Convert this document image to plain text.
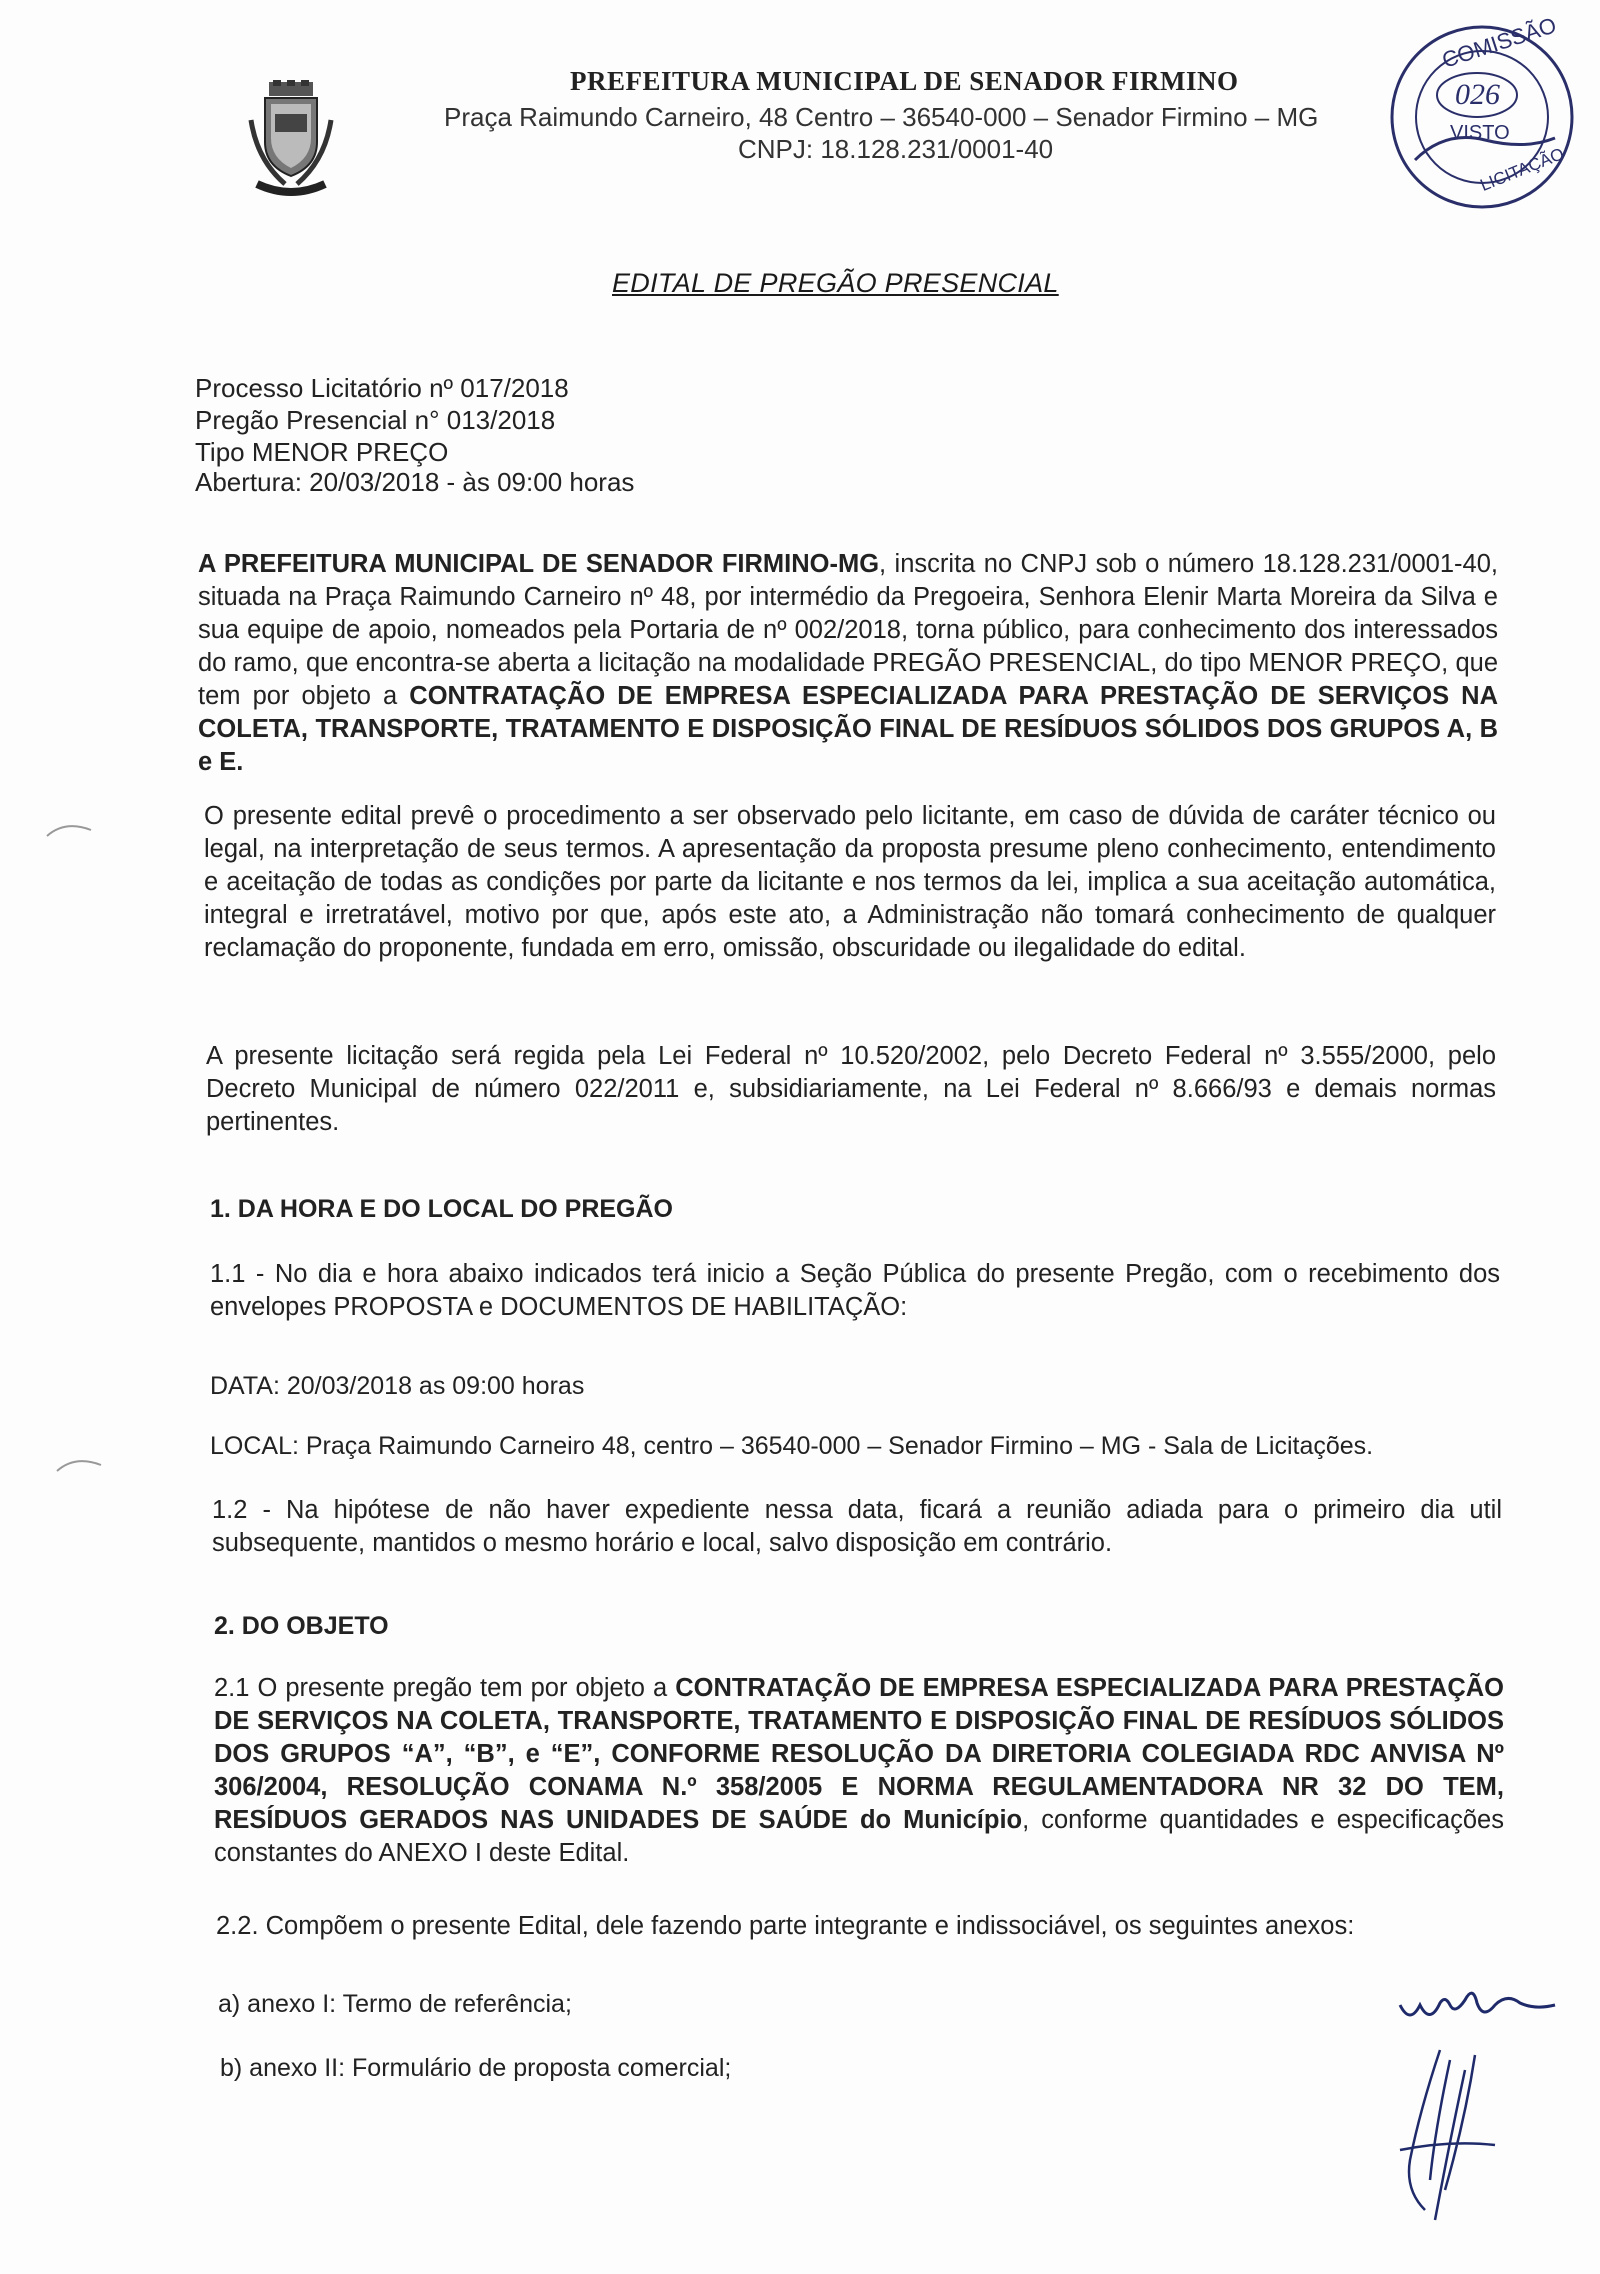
PREFEITURA MUNICIPAL DE SENADOR FIRMINO
Praça Raimundo Carneiro, 48 Centro – 36540-000 – Senador Firmino – MG
CNPJ: 18.128.231/0001-40
COMISSÃO
026
VISTO
LICITAÇÃO
EDITAL DE PREGÃO PRESENCIAL
Processo Licitatório nº 017/2018
Pregão Presencial n° 013/2018
Tipo MENOR PREÇO
Abertura: 20/03/2018 - às 09:00 horas

A PREFEITURA MUNICIPAL DE SENADOR FIRMINO-MG, inscrita no CNPJ sob o número 18.128.231/0001-40, situada na Praça Raimundo Carneiro nº 48, por intermédio da Pregoeira, Senhora Elenir Marta Moreira da Silva e sua equipe de apoio, nomeados pela Portaria de nº 002/2018, torna público, para conhecimento dos interessados do ramo, que encontra-se aberta a licitação na modalidade PREGÃO PRESENCIAL, do tipo MENOR PREÇO, que tem por objeto a CONTRATAÇÃO DE EMPRESA ESPECIALIZADA PARA PRESTAÇÃO DE SERVIÇOS NA COLETA, TRANSPORTE, TRATAMENTO E DISPOSIÇÃO FINAL DE RESÍDUOS SÓLIDOS DOS GRUPOS A, B e E.

O presente edital prevê o procedimento a ser observado pelo licitante, em caso de dúvida de caráter técnico ou legal, na interpretação de seus termos. A apresentação da proposta presume pleno conhecimento, entendimento e aceitação de todas as condições por parte da licitante e nos termos da lei, implica a sua aceitação automática, integral e irretratável, motivo por que, após este ato, a Administração não tomará conhecimento de qualquer reclamação do proponente, fundada em erro, omissão, obscuridade ou ilegalidade do edital.

A presente licitação será regida pela Lei Federal nº 10.520/2002, pelo Decreto Federal nº 3.555/2000, pelo Decreto Municipal de número 022/2011 e, subsidiariamente, na Lei Federal nº 8.666/93 e demais normas pertinentes.

1. DA HORA E DO LOCAL DO PREGÃO

1.1 - No dia e hora abaixo indicados terá inicio a Seção Pública do presente Pregão, com o recebimento dos envelopes PROPOSTA e DOCUMENTOS DE HABILITAÇÃO:

DATA: 20/03/2018 as 09:00 horas
LOCAL: Praça Raimundo Carneiro 48, centro – 36540-000 – Senador Firmino – MG - Sala de Licitações.

1.2 - Na hipótese de não haver expediente nessa data, ficará a reunião adiada para o primeiro dia util subsequente, mantidos o mesmo horário e local, salvo disposição em contrário.

2. DO OBJETO

2.1 O presente pregão tem por objeto a CONTRATAÇÃO DE EMPRESA ESPECIALIZADA PARA PRESTAÇÃO DE SERVIÇOS NA COLETA, TRANSPORTE, TRATAMENTO E DISPOSIÇÃO FINAL DE RESÍDUOS SÓLIDOS DOS GRUPOS “A”, “B”, e “E”, CONFORME RESOLUÇÃO DA DIRETORIA COLEGIADA RDC ANVISA Nº 306/2004, RESOLUÇÃO CONAMA N.º 358/2005 E NORMA REGULAMENTADORA NR 32 DO TEM, RESÍDUOS GERADOS NAS UNIDADES DE SAÚDE do Município, conforme quantidades e especificações constantes do ANEXO I deste Edital.

2.2. Compõem o presente Edital, dele fazendo parte integrante e indissociável, os seguintes anexos:

a) anexo I: Termo de referência;
b) anexo II: Formulário de proposta comercial;
